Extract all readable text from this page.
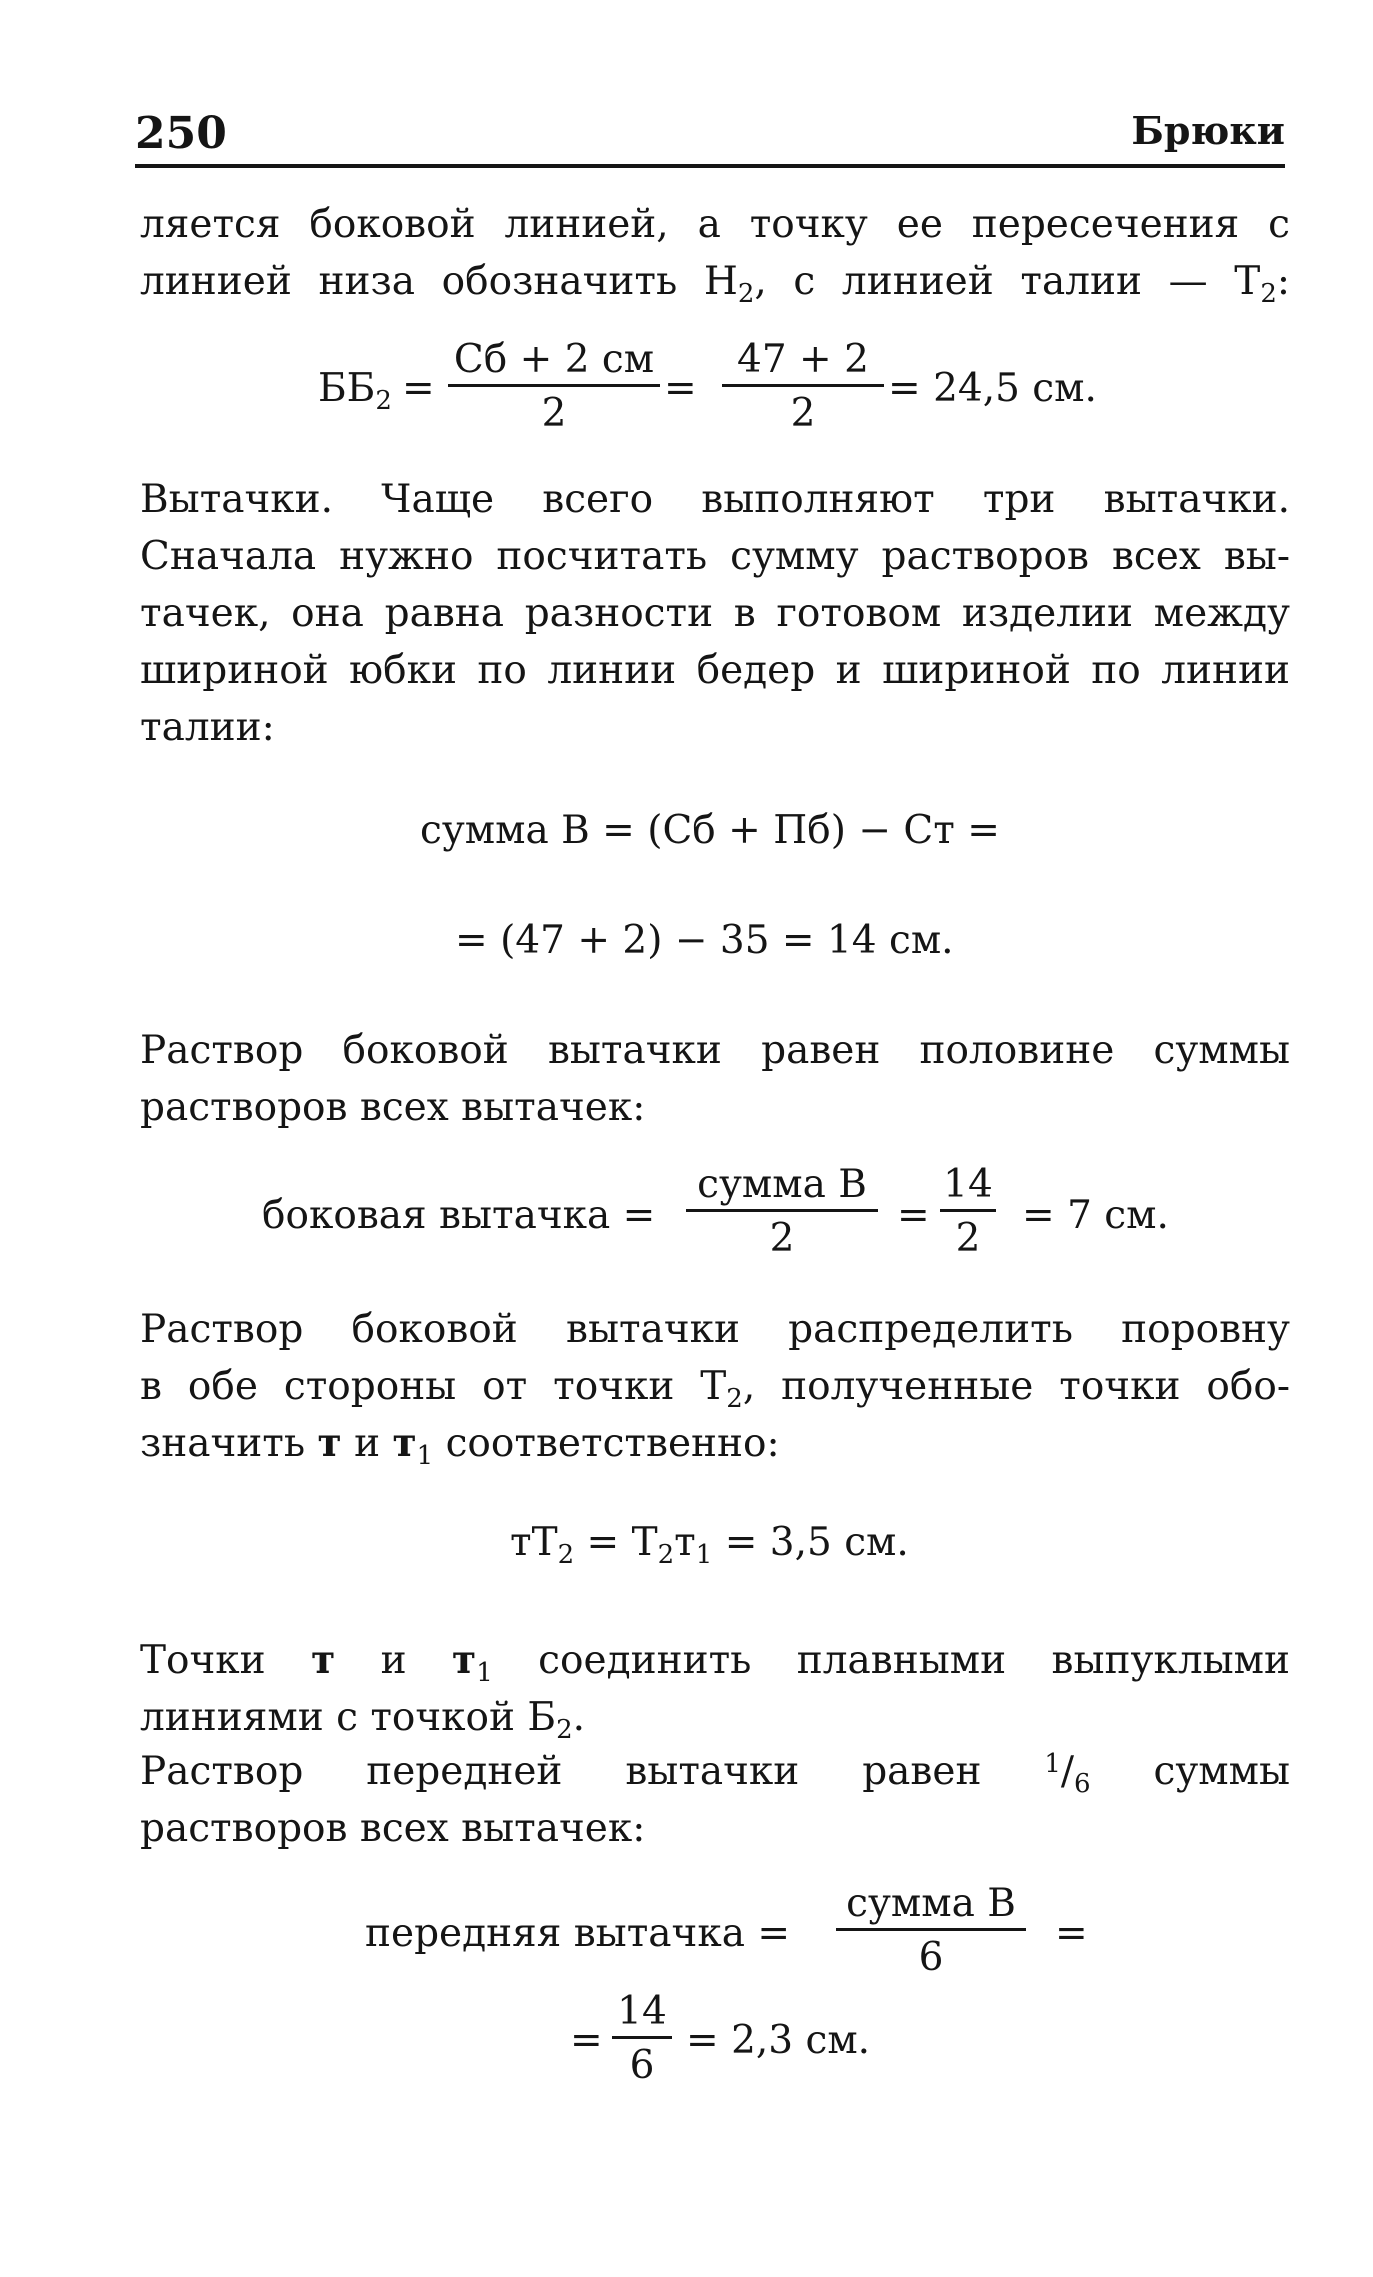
250	Брюки
ляется боковой линией, а точку ее пересечения с
линией низа обозначить $Н_2$, с линией талии — $Т_2$:
$ББ_2$ =
Сб + 2 см
2
=
47 + 2
2
= 24,5 см.
Вытачки. Чаще всего выполняют три вытачки.
Сначала нужно посчитать сумму растворов всех вы-
тачек, она равна разности в готовом изделии между
шириной юбки по линии бедер и шириной по линии
талии:
сумма В = (Сб + Пб) − Ст =
= (47 + 2) − 35 = 14 см.
Раствор боковой вытачки равен половине суммы
растворов всех вытачек:
боковая вытачка =
сумма В
2
=
14
2
= 7 см.
Раствор боковой вытачки распределить поровну
в обе стороны от точки $Т_2$, полученные точки обо-
значить т и $т_1$ соответственно:
$тТ_2 = Т_2т_1 = 3,5$ см.
Точки т и $т_1$ соединить плавными выпуклыми
линиями с точкой $Б_2$.
Раствор передней вытачки равен $^1/_6$ суммы
растворов всех вытачек:
передняя вытачка =
сумма В
6
=
=
14
6
= 2,3 см.
